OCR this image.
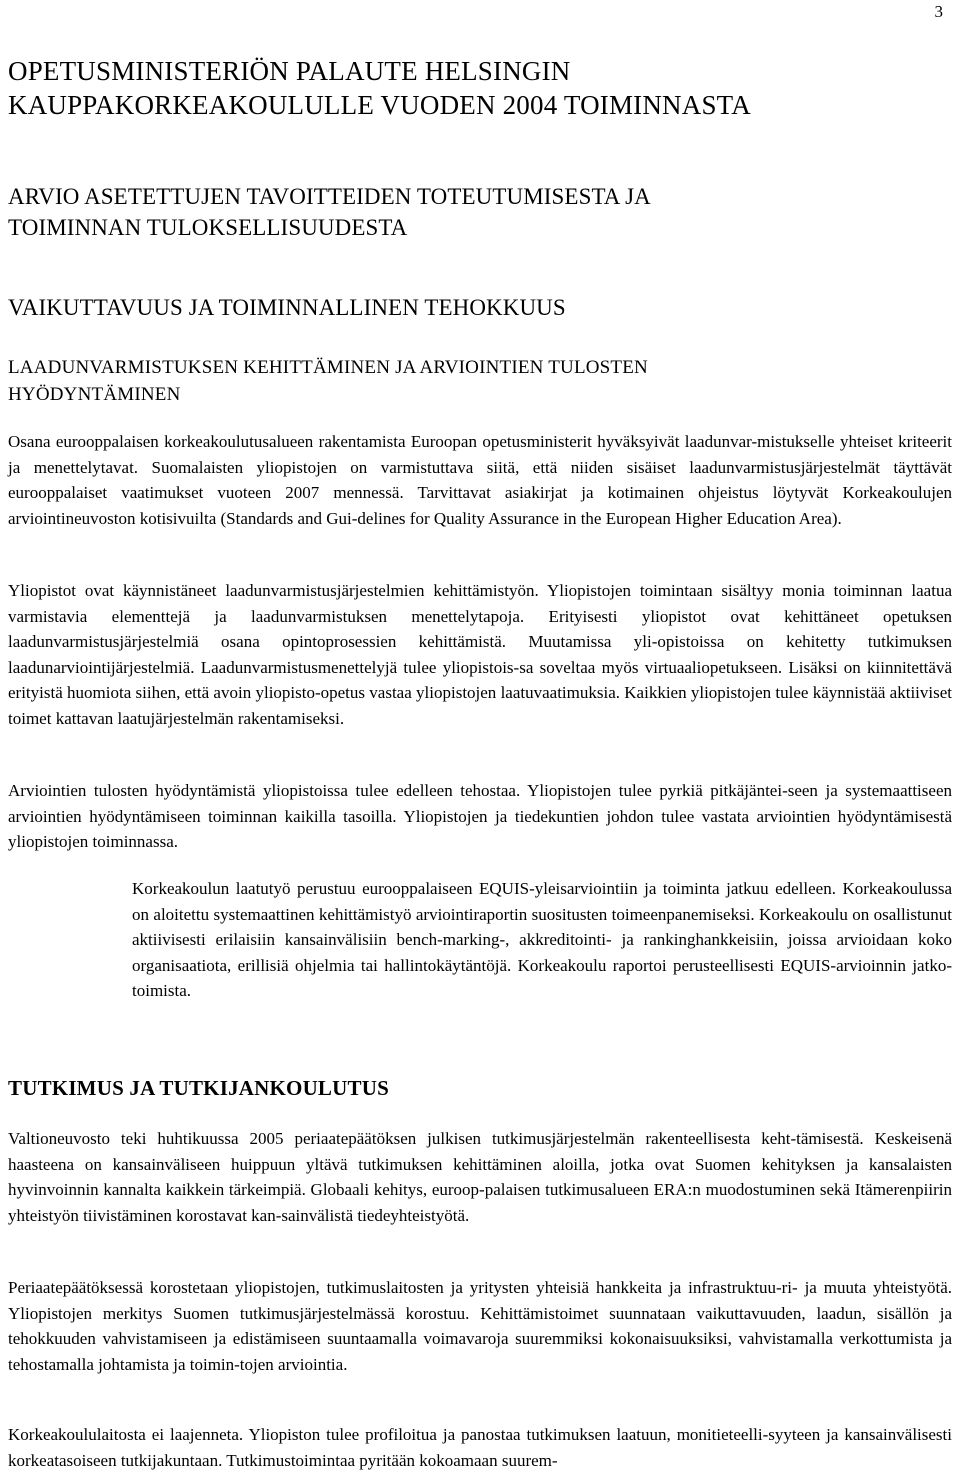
3
OPETUSMINISTERIÖN PALAUTE HELSINGIN
KAUPPAKORKEAKOULULLE VUODEN 2004 TOIMINNASTA
ARVIO ASETETTUJEN TAVOITTEIDEN TOTEUTUMISESTA JA
TOIMINNAN TULOKSELLISUUDESTA
VAIKUTTAVUUS JA TOIMINNALLINEN TEHOKKUUS
LAADUNVARMISTUKSEN KEHITTÄMINEN JA ARVIOINTIEN TULOSTEN
HYÖDYNTÄMINEN

Osana eurooppalaisen korkeakoulutusalueen rakentamista Euroopan opetusministerit hyväksyivät laadunvar-mistukselle yhteiset kriteerit ja menettelytavat. Suomalaisten yliopistojen on varmistuttava siitä, että niiden sisäiset laadunvarmistusjärjestelmät täyttävät eurooppalaiset vaatimukset vuoteen 2007 mennessä. Tarvittavat asiakirjat ja kotimainen ohjeistus löytyvät Korkeakoulujen arviointineuvoston kotisivuilta (Standards and Gui-delines for Quality Assurance in the European Higher Education Area).

Yliopistot ovat käynnistäneet laadunvarmistusjärjestelmien kehittämistyön. Yliopistojen toimintaan sisältyy monia toiminnan laatua varmistavia elementtejä ja laadunvarmistuksen menettelytapoja. Erityisesti yliopistot ovat kehittäneet opetuksen laadunvarmistusjärjestelmiä osana opintoprosessien kehittämistä. Muutamissa yli-opistoissa on kehitetty tutkimuksen laadunarviointijärjestelmiä. Laadunvarmistusmenettelyjä tulee yliopistois-sa soveltaa myös virtuaaliopetukseen. Lisäksi on kiinnitettävä erityistä huomiota siihen, että avoin yliopisto-opetus vastaa yliopistojen laatuvaatimuksia. Kaikkien yliopistojen tulee käynnistää aktiiviset toimet kattavan laatujärjestelmän rakentamiseksi.

Arviointien tulosten hyödyntämistä yliopistoissa tulee edelleen tehostaa. Yliopistojen tulee pyrkiä pitkäjäntei-seen ja systemaattiseen arviointien hyödyntämiseen toiminnan kaikilla tasoilla. Yliopistojen ja tiedekuntien johdon tulee vastata arviointien hyödyntämisestä yliopistojen toiminnassa.

Korkeakoulun laatutyö perustuu eurooppalaiseen EQUIS-yleisarviointiin ja toiminta jatkuu edelleen. Korkeakoulussa on aloitettu systemaattinen kehittämistyö arviointiraportin suositusten toimeenpanemiseksi. Korkeakoulu on osallistunut aktiivisesti erilaisiin kansainvälisiin bench-marking-, akkreditointi- ja rankinghankkeisiin, joissa arvioidaan koko organisaatiota, erillisiä ohjelmia tai hallintokäytäntöjä. Korkeakoulu raportoi perusteellisesti EQUIS-arvioinnin jatko-toimista.

TUTKIMUS JA TUTKIJANKOULUTUS

Valtioneuvosto teki huhtikuussa 2005 periaatepäätöksen julkisen tutkimusjärjestelmän rakenteellisesta keht-tämisestä. Keskeisenä haasteena on kansainväliseen huippuun yltävä tutkimuksen kehittäminen aloilla, jotka ovat Suomen kehityksen ja kansalaisten hyvinvoinnin kannalta kaikkein tärkeimpiä. Globaali kehitys, euroop-palaisen tutkimusalueen ERA:n muodostuminen sekä Itämerenpiirin yhteistyön tiivistäminen korostavat kan-sainvälistä tiedeyhteistyötä.

Periaatepäätöksessä korostetaan yliopistojen, tutkimuslaitosten ja yritysten yhteisiä hankkeita ja infrastruktuu-ri- ja muuta yhteistyötä. Yliopistojen merkitys Suomen tutkimusjärjestelmässä korostuu. Kehittämistoimet suunnataan vaikuttavuuden, laadun, sisällön ja tehokkuuden vahvistamiseen ja edistämiseen suuntaamalla voimavaroja suuremmiksi kokonaisuuksiksi, vahvistamalla verkottumista ja tehostamalla johtamista ja toimin-tojen arviointia.

Korkeakoululaitosta ei laajenneta. Yliopiston tulee profiloitua ja panostaa tutkimuksen laatuun, monitieteelli-syyteen ja kansainvälisesti korkeatasoiseen tutkijakuntaan. Tutkimustoimintaa pyritään kokoamaan suurem-
